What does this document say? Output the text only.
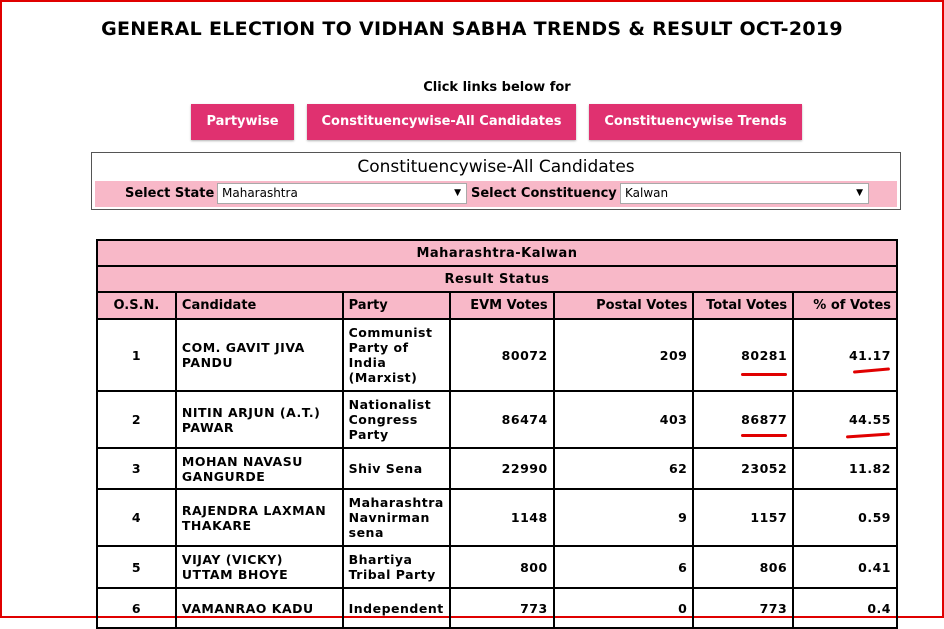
GENERAL ELECTION TO VIDHAN SABHA TRENDS & RESULT OCT-2019
Click links below for
Partywise	Constituencywise-All Candidates	Constituencywise Trends
Constituencywise-All Candidates
Select State Maharashtra	▼ Select Constituency Kalwan	▼
Maharashtra-Kalwan						
Result Status						
O.S.N.	Candidate	Party	EVM Votes	Postal Votes	Total Votes	% of Votes
1	COM. GAVIT JIVA PANDU	Communist Party of India (Marxist)	80072	209	80281	41.17
2	NITIN ARJUN (A.T.) PAWAR	Nationalist Congress Party	86474	403	86877	44.55
3	MOHAN NAVASU GANGURDE	Shiv Sena	22990	62	23052	11.82
4	RAJENDRA LAXMAN THAKARE	Maharashtra Navnirman sena	1148	9	1157	0.59
5	VIJAY (VICKY) UTTAM BHOYE	Bhartiya Tribal Party	800	6	806	0.41
6	VAMANRAO KADU	Independent	773	0	773	0.4
